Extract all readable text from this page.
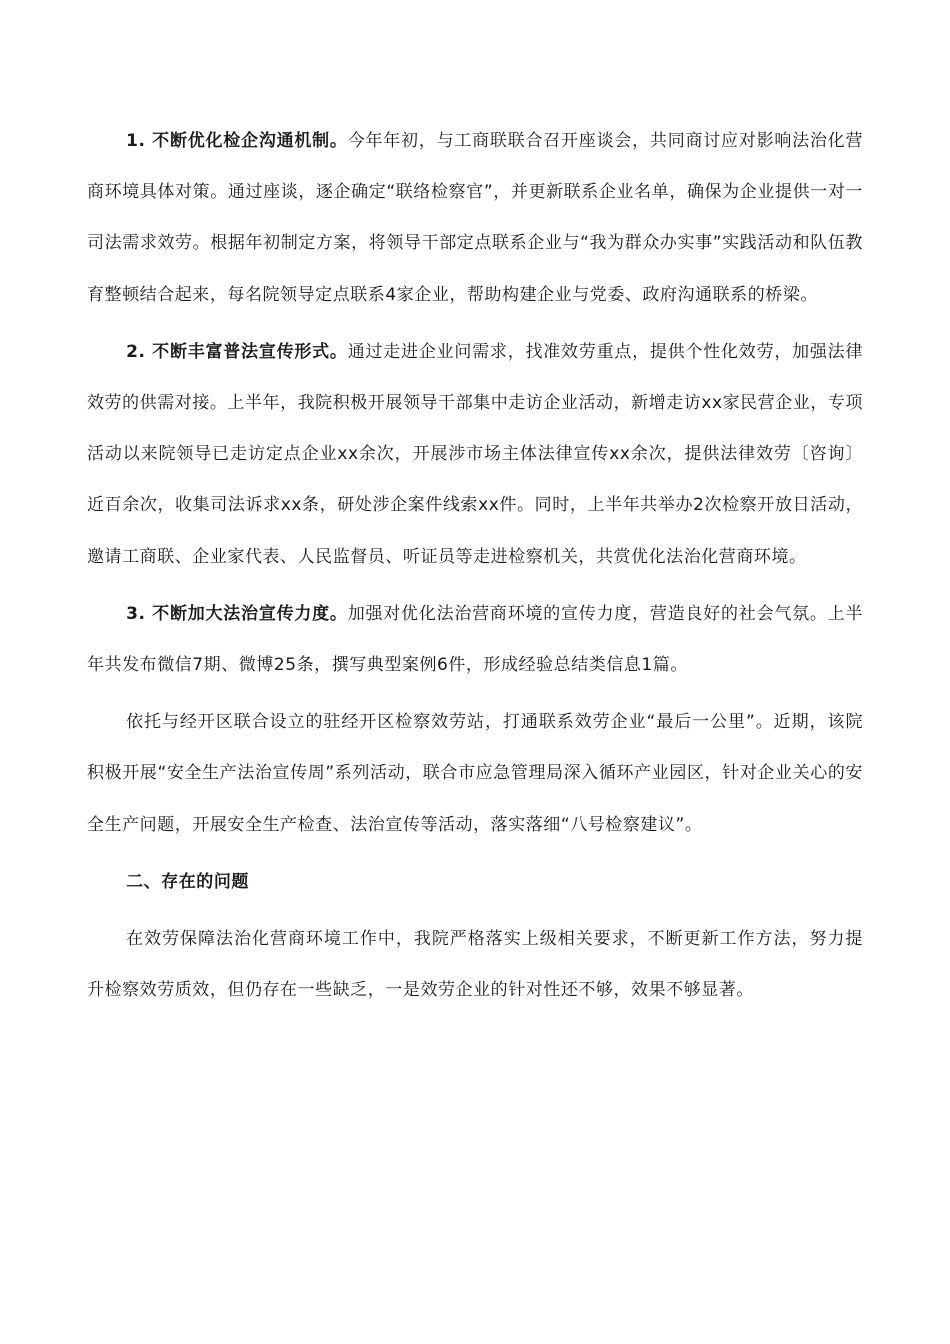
1. 不断优化检企沟通机制。今年年初，与工商联联合召开座谈会，共同商讨应对影响法治化营商环境具体对策。通过座谈，逐企确定“联络检察官”，并更新联系企业名单，确保为企业提供一对一司法需求效劳。根据年初制定方案，将领导干部定点联系企业与“我为群众办实事”实践活动和队伍教育整顿结合起来，每名院领导定点联系4家企业，帮助构建企业与党委、政府沟通联系的桥梁。

2. 不断丰富普法宣传形式。通过走进企业问需求，找准效劳重点，提供个性化效劳，加强法律效劳的供需对接。上半年，我院积极开展领导干部集中走访企业活动，新增走访xx家民营企业，专项活动以来院领导已走访定点企业xx余次，开展涉市场主体法律宣传xx余次，提供法律效劳〔咨询〕近百余次，收集司法诉求xx条，研处涉企案件线索xx件。同时，上半年共举办2次检察开放日活动，邀请工商联、企业家代表、人民监督员、听证员等走进检察机关，共赏优化法治化营商环境。

3. 不断加大法治宣传力度。加强对优化法治营商环境的宣传力度，营造良好的社会气氛。上半年共发布微信7期、微博25条，撰写典型案例6件，形成经验总结类信息1篇。

依托与经开区联合设立的驻经开区检察效劳站，打通联系效劳企业“最后一公里”。近期，该院积极开展“安全生产法治宣传周”系列活动，联合市应急管理局深入循环产业园区，针对企业关心的安全生产问题，开展安全生产检查、法治宣传等活动，落实落细“八号检察建议”。

二、存在的问题

在效劳保障法治化营商环境工作中，我院严格落实上级相关要求，不断更新工作方法，努力提升检察效劳质效，但仍存在一些缺乏，一是效劳企业的针对性还不够，效果不够显著。
